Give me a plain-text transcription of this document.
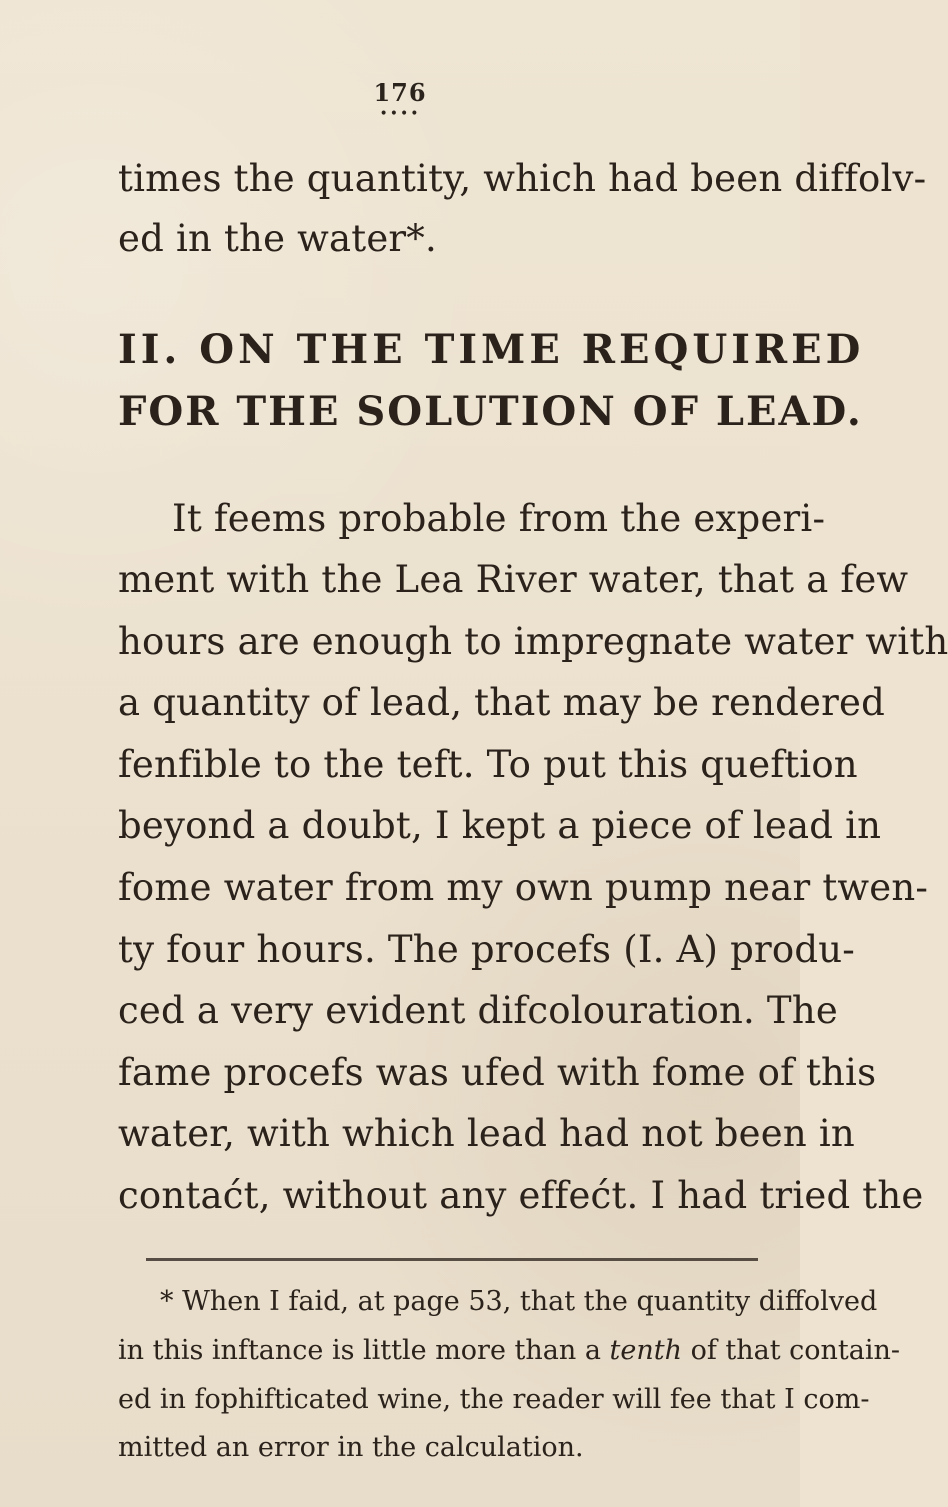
176
••••
times the quantity, which had been diffolv-
ed in the water*.
II. ON THE TIME REQUIRED
FOR THE SOLUTION OF LEAD.
It feems probable from the experi-
ment with the Lea River water, that a few
hours are enough to impregnate water with
a quantity of lead, that may be rendered
fenfible to the teft. To put this queftion
beyond a doubt, I kept a piece of lead in
fome water from my own pump near twen-
ty four hours. The procefs (I. A) produ-
ced a very evident difcolouration. The
fame procefs was ufed with fome of this
water, with which lead had not been in
contaćt, without any effećt. I had tried the
* When I faid, at page 53, that the quantity diffolved
in this inftance is little more than a tenth of that contain-
ed in fophifticated wine, the reader will fee that I com-
mitted an error in the calculation.
